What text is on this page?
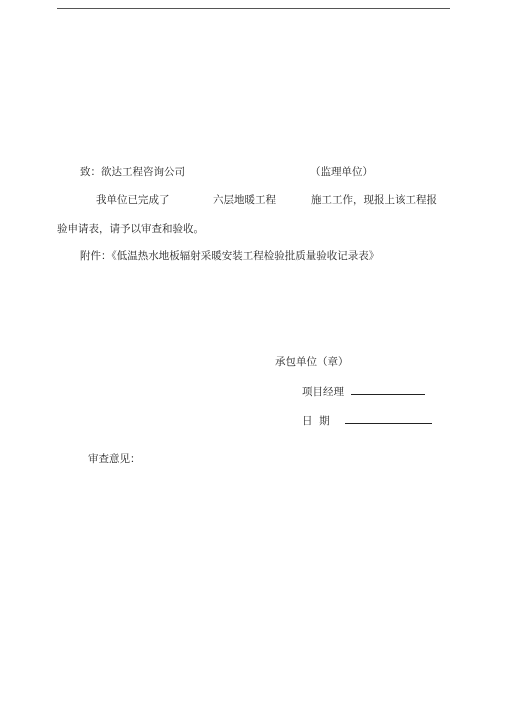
致：欲达工程咨询公司	（监理单位）
我单位已完成了	六层地暖工程	施工工作，现报上该工程报
验申请表，请予以审查和验收。
附件：《低温热水地板辐射采暖安装工程检验批质量验收记录表》
承包单位（章）
项目经理
日  期
审查意见：
